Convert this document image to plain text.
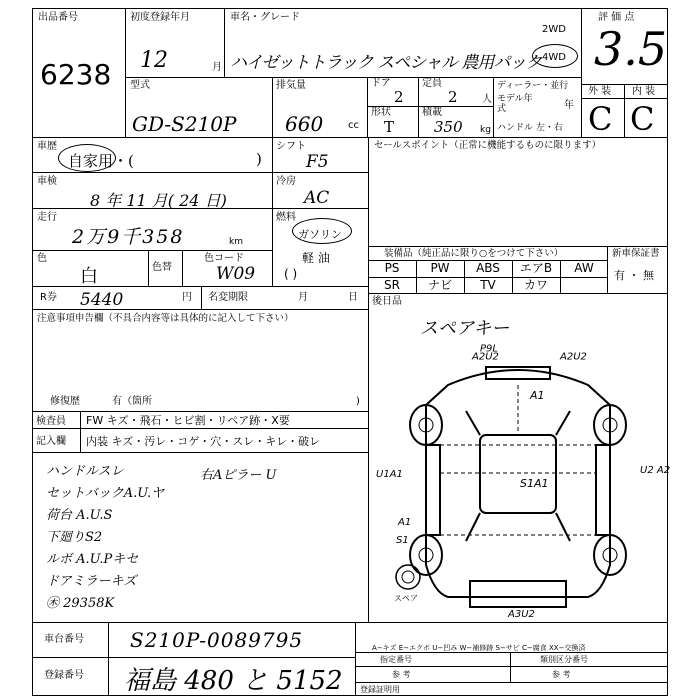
出品番号
6238
初度登録年月
12	月
車名・グレード
ハイゼットトラック スペシャル 農用パック
2WD
4WD
評 価 点
3.5
外 装 内 装
C C
型式
GD-S210P
排気量
660 cc
ドア
2
定員
2 人
形状
T
積載
350 kg
ディーラー・並行
モデル年式	年
ハンドル 左・右
車歴
自家用・(	)
シフト
F5
車検
8 年 11 月( 24 日)
冷房
AC
走行
2万9千358	km
燃料
ガソリン
軽 油
( )
色
白	色替
色コード
W09
R券 5440	円 名変期限	月	日
セールスポイント（正常に機能するものに限ります）
装備品（純正品に限り○をつけて下さい）
PS	PW	ABS	エアB	AW
SR	ナビ	TV	カワ
新車保証書
有 ・ 無
後日品
スペアキー
注意事項申告欄（不具合内容等は具体的に記入して下さい）
修復歴	有（箇所	)
検査員
記入欄
FW キズ・飛石・ヒビ割・リペア跡・X要
内装 キズ・汚レ・コゲ・穴・スレ・キレ・破レ
ハンドルスレ
セットバックA.U.ヤ
荷台 A.U.S
下廻りS2
ルボ A.U.Pキセ
ドアミラーキズ
㊍ 29358K
右Aピラー U
P9L
A2U2	A2U2
A1
U1A1
S1A1
U2 A2
A1
S1
スペア
A3U2
A−キズ E−エクボ U−凹み W−補修跡 S−サビ C−腐食 XX−交換済
車台番号 S210P-0089795
登録番号 福島 480 と 5152
指定番号
参 考
類別区分番号
参 考
登録証明用
